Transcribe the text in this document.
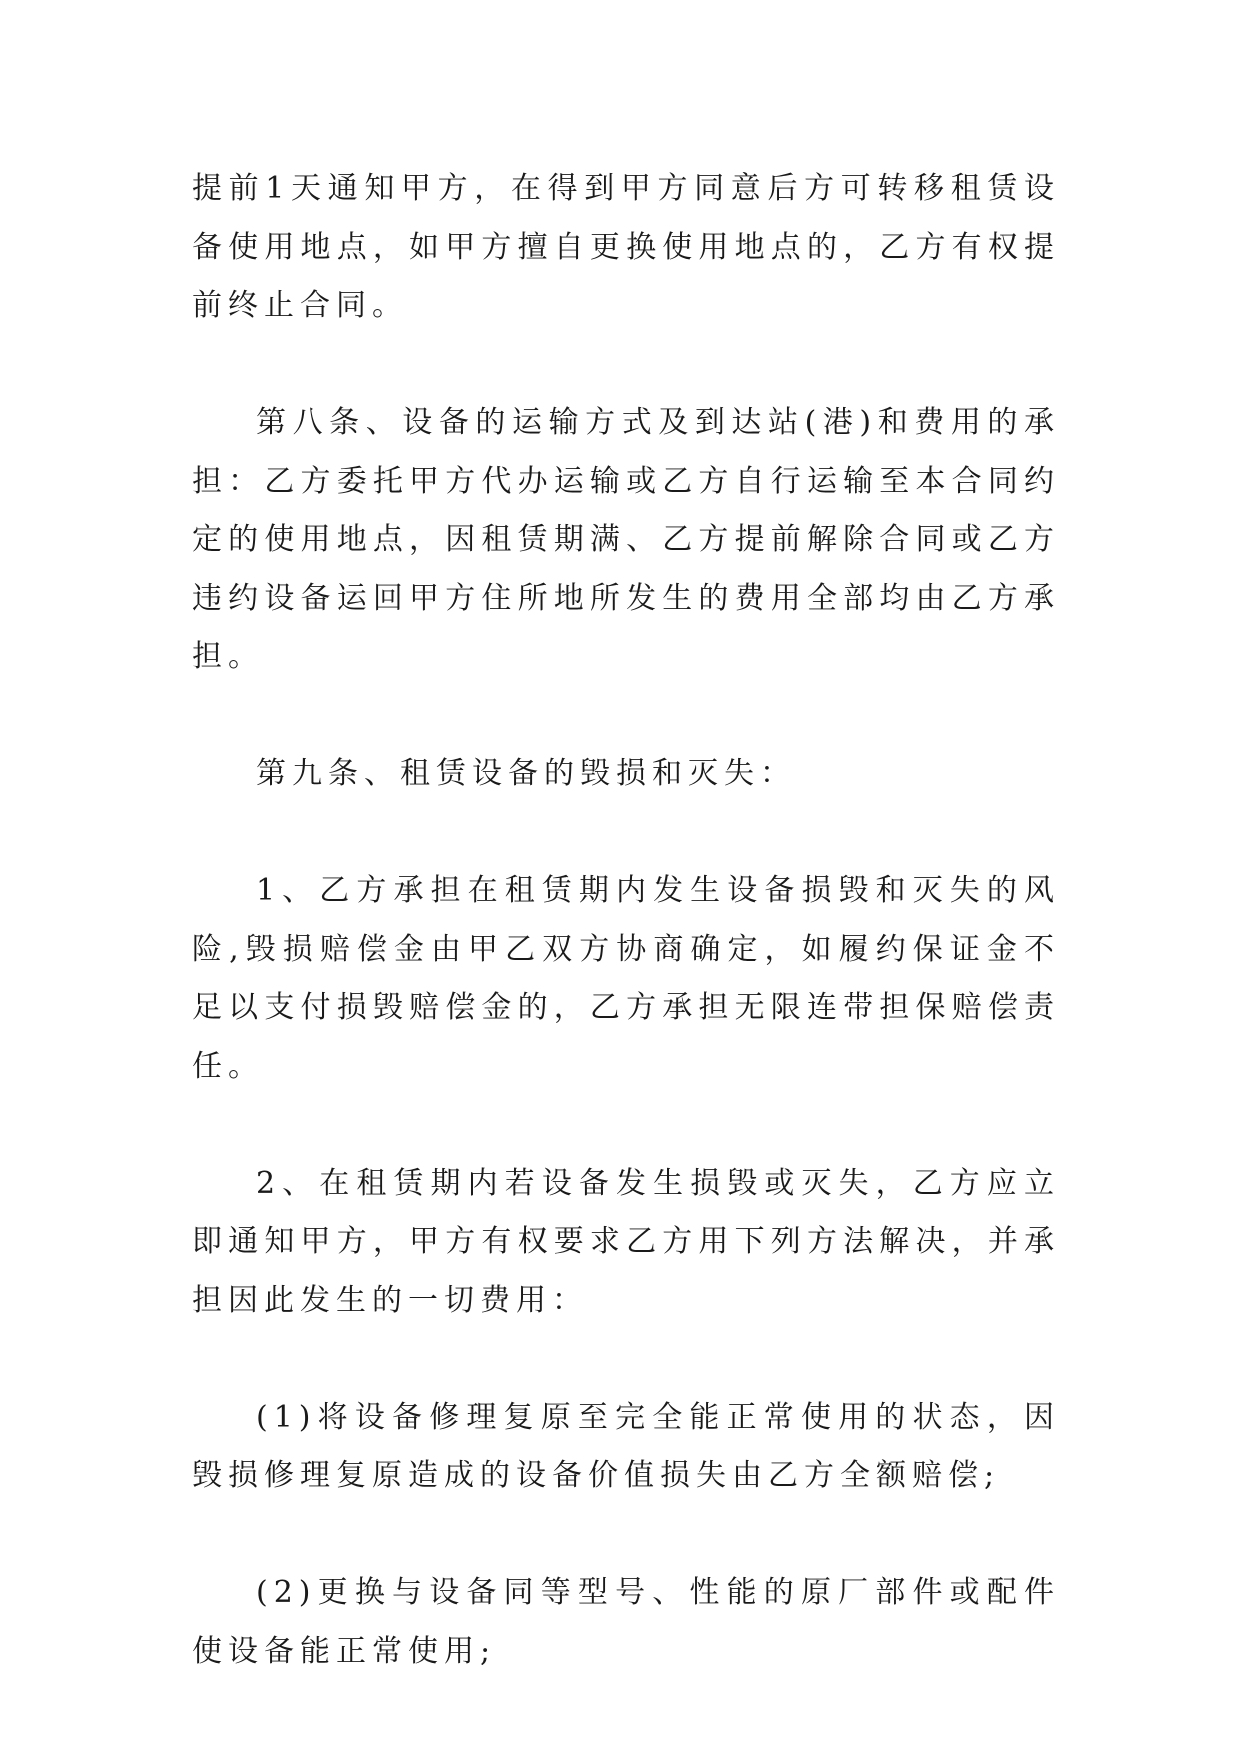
提前1天通知甲方，在得到甲方同意后方可转移租赁设备使用地点，如甲方擅自更换使用地点的，乙方有权提前终止合同。

第八条、设备的运输方式及到达站(港)和费用的承担：乙方委托甲方代办运输或乙方自行运输至本合同约定的使用地点，因租赁期满、乙方提前解除合同或乙方违约设备运回甲方住所地所发生的费用全部均由乙方承担。

第九条、租赁设备的毁损和灭失：

1、乙方承担在租赁期内发生设备损毁和灭失的风险,毁损赔偿金由甲乙双方协商确定，如履约保证金不足以支付损毁赔偿金的，乙方承担无限连带担保赔偿责任。

2、在租赁期内若设备发生损毁或灭失，乙方应立即通知甲方，甲方有权要求乙方用下列方法解决，并承担因此发生的一切费用：

(1)将设备修理复原至完全能正常使用的状态，因毁损修理复原造成的设备价值损失由乙方全额赔偿;

(2)更换与设备同等型号、性能的原厂部件或配件使设备能正常使用;
